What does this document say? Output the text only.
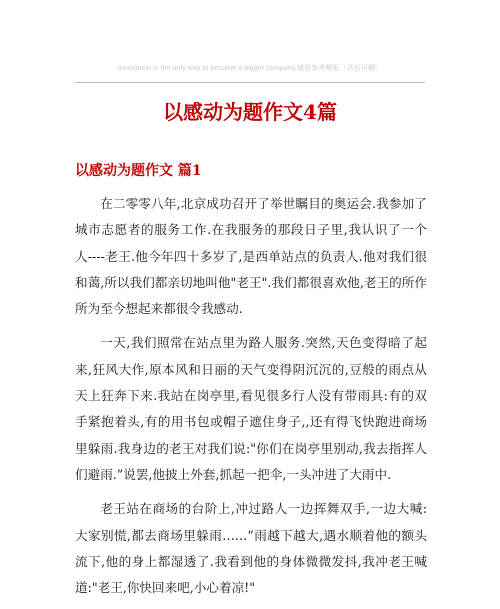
Innovation is the only way to become a bigger company.通用参考模板（共后可删）
以感动为题作文4篇
以感动为题作文 篇1

在二零零八年,北京成功召开了举世瞩目的奥运会.我参加了城市志愿者的服务工作.在我服务的那段日子里,我认识了一个人----老王.他今年四十多岁了,是西单站点的负责人.他对我们很和蔼,所以我们都亲切地叫他"老王".我们都很喜欢他,老王的所作所为至今想起来都很令我感动.

一天,我们照常在站点里为路人服务.突然,天色变得暗了起来,狂风大作,原本风和日丽的天气变得阴沉沉的,豆般的雨点从天上狂奔下来.我站在岗亭里,看见很多行人没有带雨具:有的双手紧抱着头,有的用书包或帽子遮住身子,,还有得飞快跑进商场里躲雨.我身边的老王对我们说:"你们在岗亭里别动,我去指挥人们避雨.”说罢,他披上外套,抓起一把伞,一头冲进了大雨中.

老王站在商场的台阶上,冲过路人一边挥舞双手,一边大喊:大家别慌,都去商场里躲雨……”雨越下越大,遇水顺着他的额头流下,他的身上都湿透了.我看到他的身体微微发抖,我冲老王喊道:"老王,你快回来吧,小心着凉!"
